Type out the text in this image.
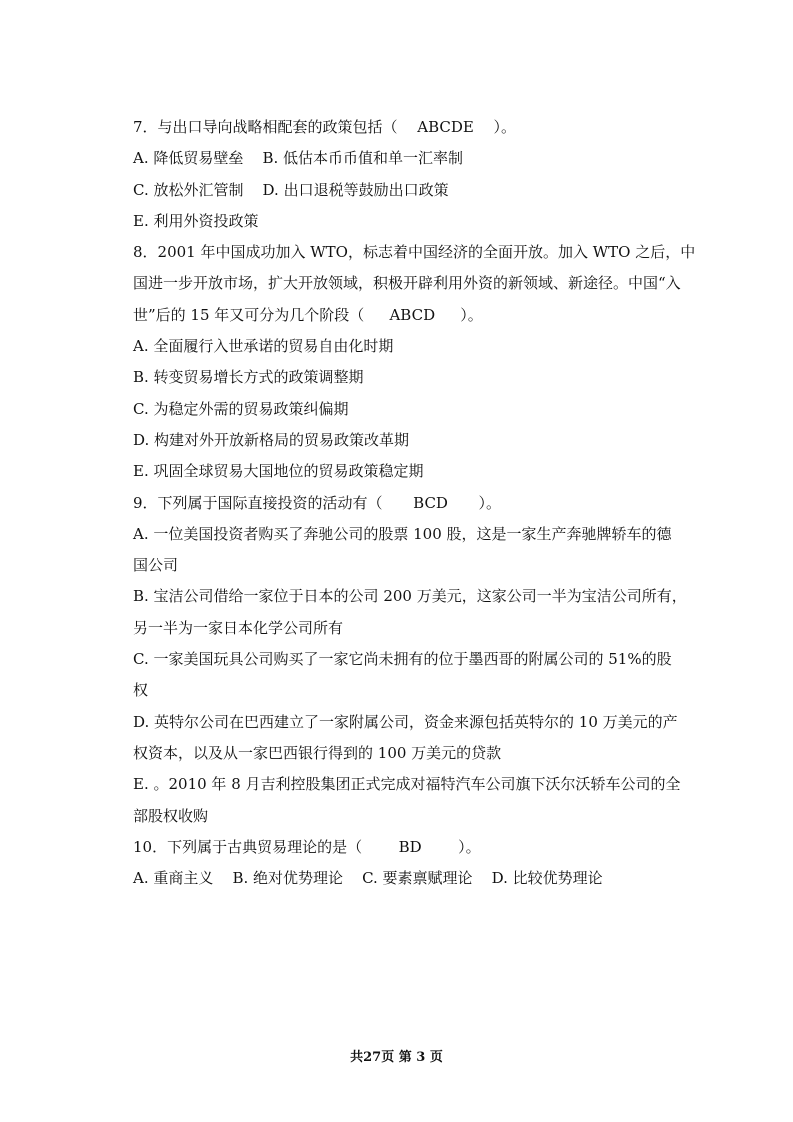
7．与出口导向战略相配套的政策包括（ ABCDE ）。
A. 降低贸易壁垒    B. 低估本币币值和单一汇率制
C. 放松外汇管制    D. 出口退税等鼓励出口政策
E. 利用外资投政策
8．2001 年中国成功加入 WTO，标志着中国经济的全面开放。加入 WTO 之后，中
国进一步开放市场，扩大开放领域，积极开辟利用外资的新领域、新途径。中国“入
世”后的 15 年又可分为几个阶段（ ABCD ）。
A. 全面履行入世承诺的贸易自由化时期
B. 转变贸易增长方式的政策调整期
C. 为稳定外需的贸易政策纠偏期
D. 构建对外开放新格局的贸易政策改革期
E. 巩固全球贸易大国地位的贸易政策稳定期
9．下列属于国际直接投资的活动有（ BCD ）。
A. 一位美国投资者购买了奔驰公司的股票 100 股，这是一家生产奔驰牌轿车的德
国公司
B. 宝洁公司借给一家位于日本的公司 200 万美元，这家公司一半为宝洁公司所有，
另一半为一家日本化学公司所有
C. 一家美国玩具公司购买了一家它尚未拥有的位于墨西哥的附属公司的 51%的股
权
D. 英特尔公司在巴西建立了一家附属公司，资金来源包括英特尔的 10 万美元的产
权资本，以及从一家巴西银行得到的 100 万美元的贷款
E. 。2010 年 8 月吉利控股集团正式完成对福特汽车公司旗下沃尔沃轿车公司的全
部股权收购
10．下列属于古典贸易理论的是（ BD ）。
A. 重商主义    B. 绝对优势理论    C. 要素禀赋理论    D. 比较优势理论
共27页 第 3 页
